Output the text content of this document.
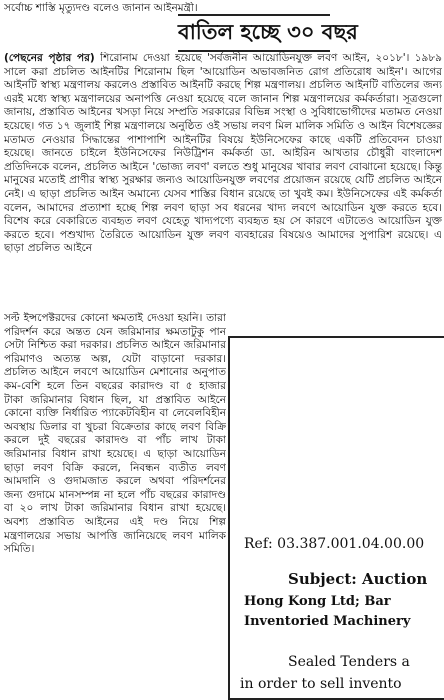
সর্বোচ্চ শাস্তি মৃত্যুদণ্ড বলেও জানান আইনমন্ত্রী।
বাতিল হচ্ছে ৩০ বছর
(পেছনের পৃষ্ঠার পর) শিরোনাম দেওয়া হয়েছে 'সর্বজনীন আয়োডিনযুক্ত লবণ আইন, ২০১৮'। ১৯৮৯ সালে করা প্রচলিত আইনটির শিরোনাম ছিল 'আয়োডিন অভাবজনিত রোগ প্রতিরোধ আইন'। আগের আইনটি স্বাস্থ্য মন্ত্রণালয় করলেও প্রস্তাবিত আইনটি করছে শিল্প মন্ত্রণালয়। প্রচলিত আইনটি বাতিলের জন্য এরই মধ্যে স্বাস্থ্য মন্ত্রণালয়ের অনাপত্তি নেওয়া হয়েছে বলে জানান শিল্প মন্ত্রণালয়ের কর্মকর্তারা। সূত্রগুলো জানায়, প্রস্তাবিত আইনের খসড়া নিয়ে সম্প্রতি সরকারের বিভিন্ন সংস্থা ও সুবিধাভোগীদের মতামত নেওয়া হয়েছে। গত ১৭ জুলাই শিল্প মন্ত্রণালয়ে অনুষ্ঠিত ওই সভায় লবণ মিল মালিক সমিতি ও আইন বিশেষজ্ঞের মতামত নেওয়ার সিদ্ধান্তের পাশাপাশি আইনটির বিষয়ে ইউনিসেফের কাছে একটি প্রতিবেদন চাওয়া হয়েছে। জানতে চাইলে ইউনিসেফের নিউট্রিশন কর্মকর্তা ডা. আইরিন আখতার চৌধুরী বাংলাদেশ প্রতিদিনকে বলেন, প্রচলিত আইনে 'ভোজ্য লবণ' বলতে শুধু মানুষের খাবার লবণ বোঝানো হয়েছে। কিন্তু মানুষের মতোই প্রাণীর স্বাস্থ্য সুরক্ষার জন্যও আয়োডিনযুক্ত লবণের প্রয়োজন রয়েছে যেটি প্রচলিত আইনে নেই। এ ছাড়া প্রচলিত আইন অমান্যে যেসব শাস্তির বিধান রয়েছে তা খুবই কম। ইউনিসেফের এই কর্মকর্তা বলেন, আমাদের প্রত্যাশা হচ্ছে শিল্প লবণ ছাড়া সব ধরনের খাদ্য লবণে আয়োডিন যুক্ত করতে হবে। বিশেষ করে বেকারিতে ব্যবহৃত লবণ যেহেতু খাদ্যপণ্যে ব্যবহৃত হয় সে কারণে এটাতেও আয়োডিন যুক্ত করতে হবে। পশুখাদ্য তৈরিতে আয়োডিন যুক্ত লবণ ব্যবহারের বিষয়েও আমাদের সুপারিশ রয়েছে। এ ছাড়া প্রচলিত আইনে
সল্ট ইন্সপেক্টরদের কোনো ক্ষমতাই দেওয়া হয়নি। তারা পরিদর্শন করে অন্তত যেন জরিমানার ক্ষমতাটুকু পান সেটা নিশ্চিত করা দরকার। প্রচলিত আইনে জরিমানার পরিমাণও অত্যন্ত অল্প, যেটা বাড়ানো দরকার। প্রচলিত আইনে লবণে আয়োডিন মেশানোর অনুপাত কম-বেশি হলে তিন বছরের কারাদণ্ড বা ৫ হাজার টাকা জরিমানার বিধান ছিল, যা প্রস্তাবিত আইনে কোনো ব্যক্তি নির্ধারিত প্যাকেটবিহীন বা লেবেলবিহীন অবস্থায় ডিলার বা খুচরা বিক্রেতার কাছে লবণ বিক্রি করলে দুই বছরের কারাদণ্ড বা পাঁচ লাখ টাকা জরিমানার বিধান রাখা হয়েছে। এ ছাড়া আয়োডিন ছাড়া লবণ বিক্রি করলে, নিবন্ধন ব্যতীত লবণ আমদানি ও গুদামজাত করলে অথবা পরিদর্শনের জন্য গুদামে মানসম্পন্ন না হলে পাঁচ বছরের কারাদণ্ড বা ২০ লাখ টাকা জরিমানার বিধান রাখা হয়েছে। অবশ্য প্রস্তাবিত আইনের এই দণ্ড নিয়ে শিল্প মন্ত্রণালয়ের সভায় আপত্তি জানিয়েছে লবণ মালিক সমিতি।	Ref: 03.387.001.04.00.00
Subject: Auction
Hong Kong Ltd; Bar
Inventoried Machinery
Sealed Tenders a
in order to sell invento
